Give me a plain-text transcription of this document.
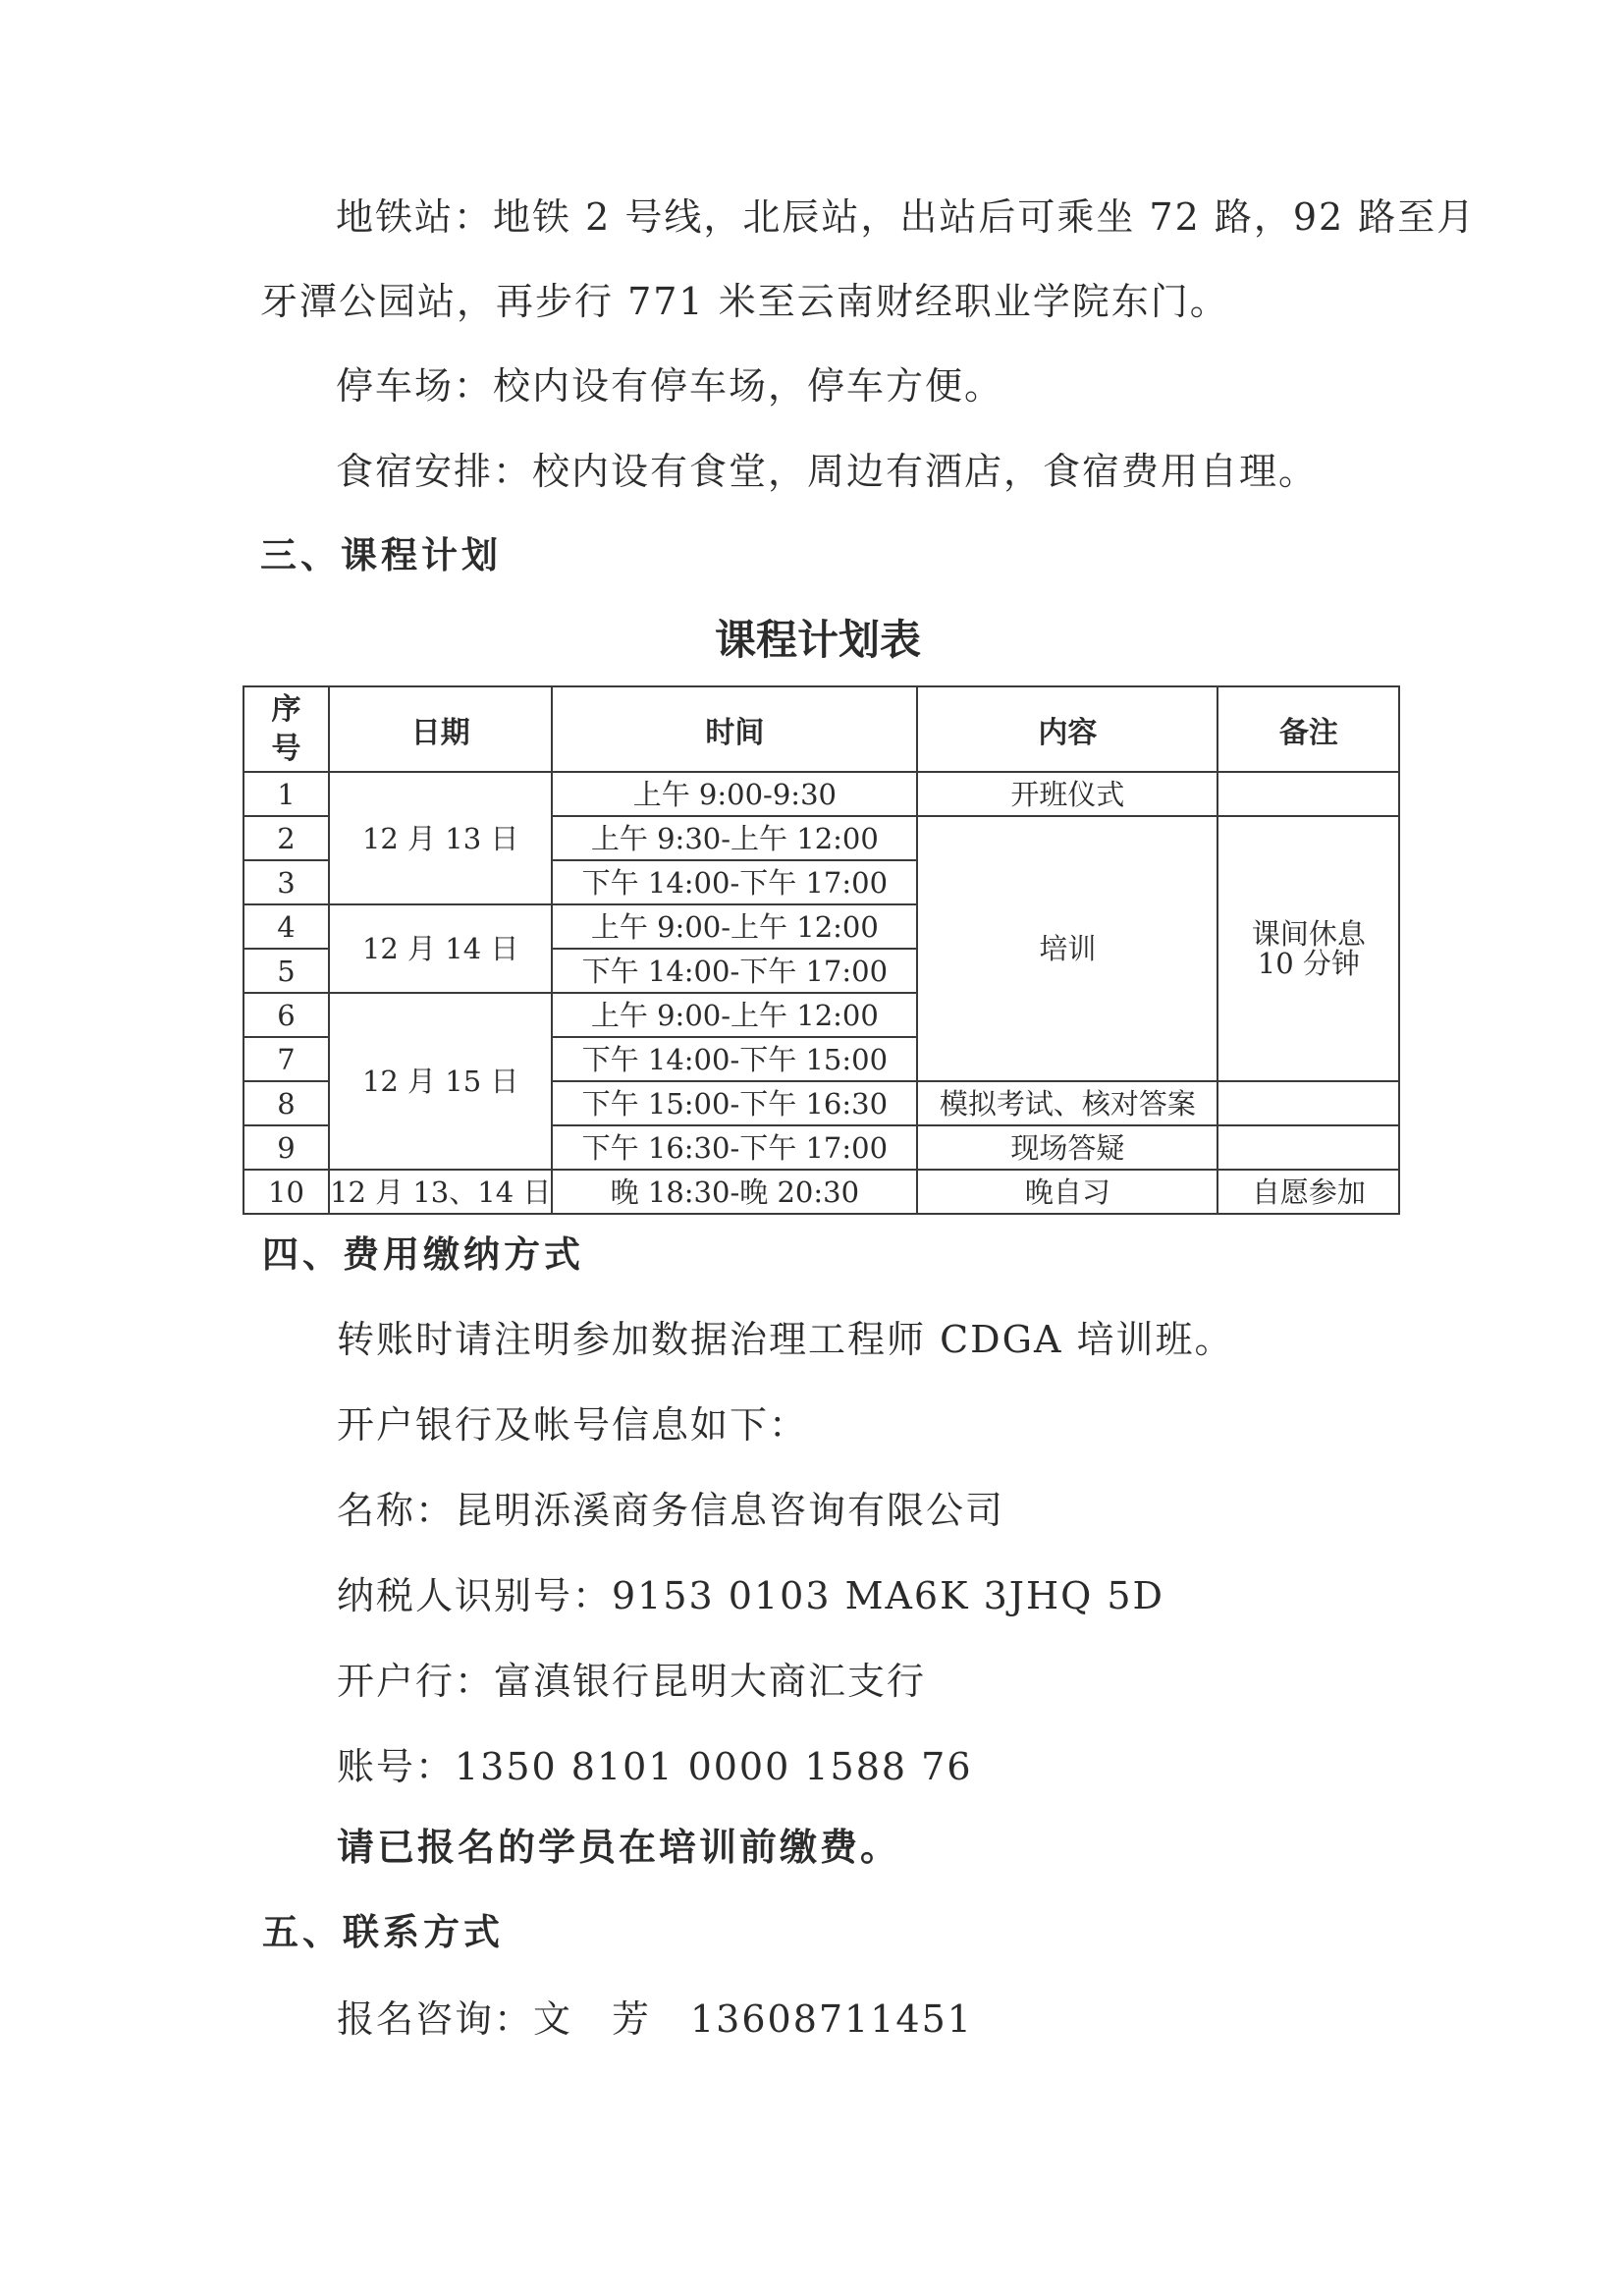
地铁站：地铁 2 号线，北辰站，出站后可乘坐 72 路，92 路至月
牙潭公园站，再步行 771 米至云南财经职业学院东门。
停车场：校内设有停车场，停车方便。
食宿安排：校内设有食堂，周边有酒店，食宿费用自理。
三、课程计划
课程计划表
序
号	日期	时间	内容	备注
1	12 月 13 日	上午 9:00-9:30	开班仪式	
2		上午 9:30-上午 12:00	培训	课间休息
10 分钟
3		下午 14:00-下午 17:00		
4	12 月 14 日	上午 9:00-上午 12:00		
5		下午 14:00-下午 17:00		
6	12 月 15 日	上午 9:00-上午 12:00		
7		下午 14:00-下午 15:00		
8		下午 15:00-下午 16:30	模拟考试、核对答案	
9		下午 16:30-下午 17:00	现场答疑	
10	12 月 13、14 日	晚 18:30-晚 20:30	晚自习	自愿参加
四、费用缴纳方式
转账时请注明参加数据治理工程师 CDGA 培训班。
开户银行及帐号信息如下：
名称：昆明泺溪商务信息咨询有限公司
纳税人识别号：9153 0103 MA6K 3JHQ 5D
开户行：富滇银行昆明大商汇支行
账号：1350 8101 0000 1588 76
请已报名的学员在培训前缴费。
五、联系方式
报名咨询：文　芳　13608711451
